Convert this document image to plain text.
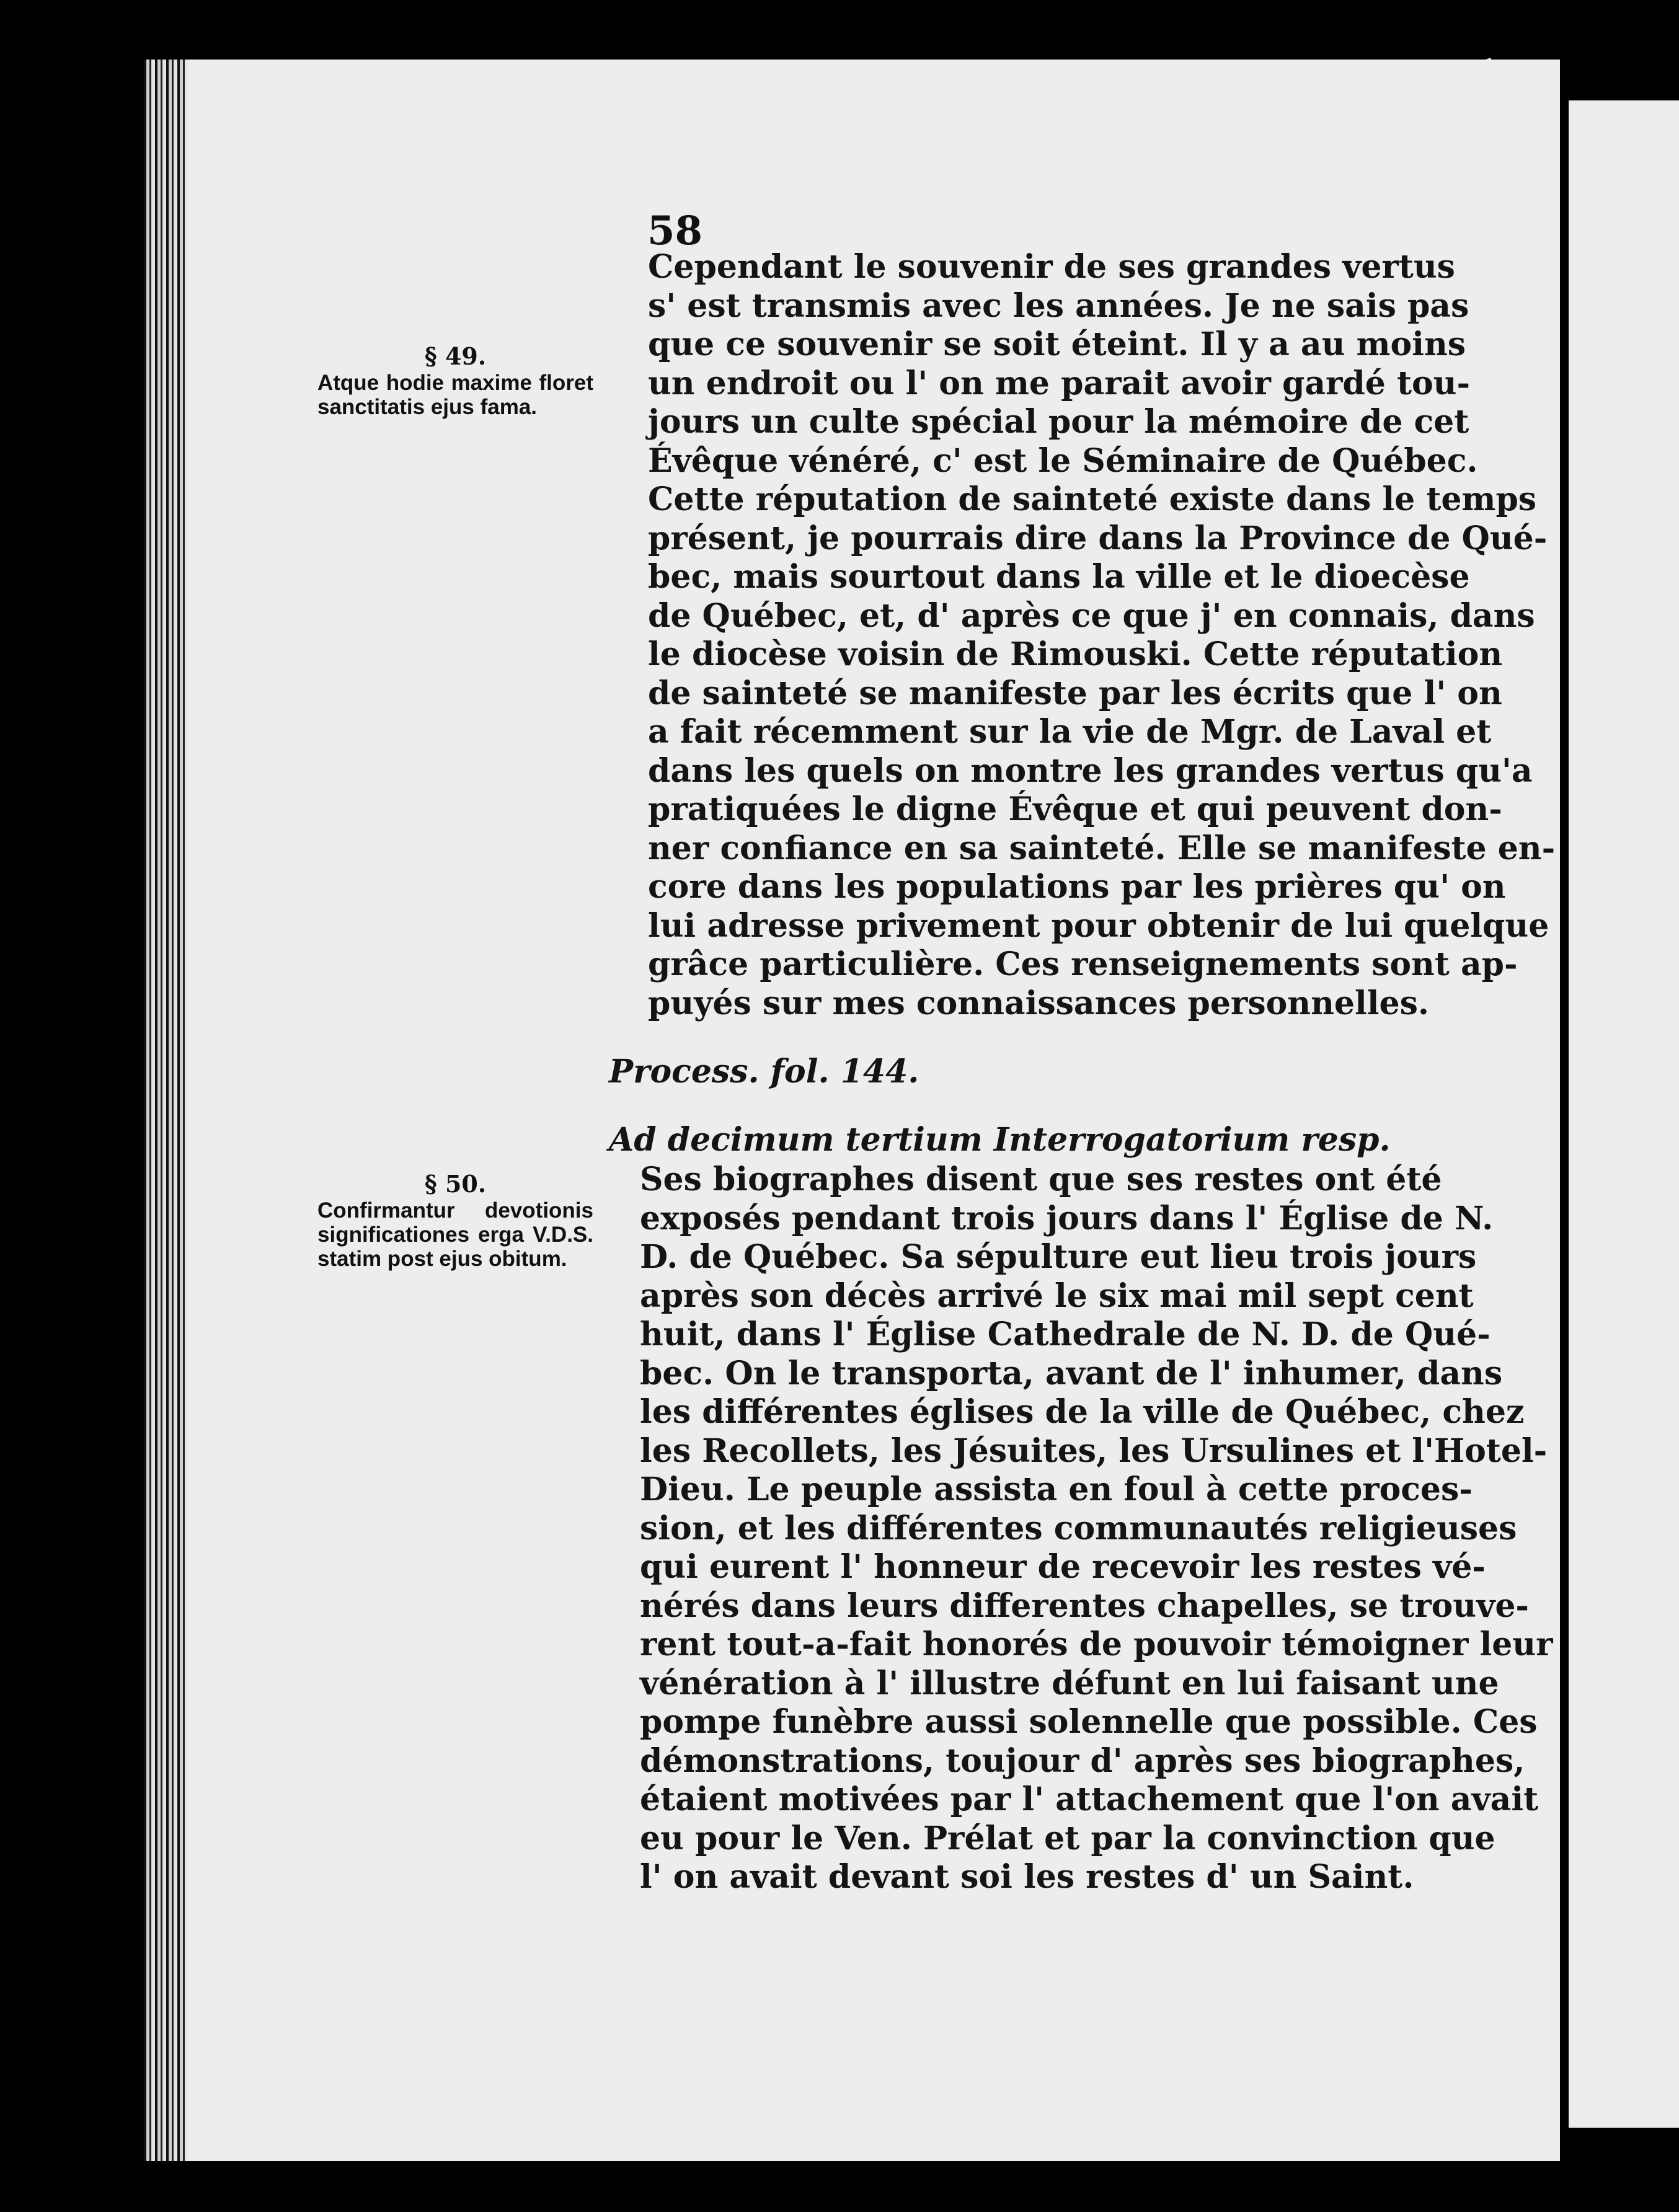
58
Cependant le souvenir de ses grandes vertus
s' est transmis avec les années. Je ne sais pas
que ce souvenir se soit éteint. Il y a au moins
un endroit ou l' on me parait avoir gardé tou-
jours un culte spécial pour la mémoire de cet
Évêque vénéré, c' est le Séminaire de Québec.
Cette réputation de sainteté existe dans le temps
présent, je pourrais dire dans la Province de Qué-
bec, mais sourtout dans la ville et le dioecèse
de Québec, et, d' après ce que j' en connais, dans
le diocèse voisin de Rimouski. Cette réputation
de sainteté se manifeste par les écrits que l' on
a fait récemment sur la vie de Mgr. de Laval et
dans les quels on montre les grandes vertus qu'a
pratiquées le digne Évêque et qui peuvent don-
ner confiance en sa sainteté. Elle se manifeste en-
core dans les populations par les prières qu' on
lui adresse privement pour obtenir de lui quelque
grâce particulière. Ces renseignements sont ap-
puyés sur mes connaissances personnelles.
Process. fol. 144.
Ad decimum tertium Interrogatorium resp.
Ses biographes disent que ses restes ont été
exposés pendant trois jours dans l' Église de N.
D. de Québec. Sa sépulture eut lieu trois jours
après son décès arrivé le six mai mil sept cent
huit, dans l' Église Cathedrale de N. D. de Qué-
bec. On le transporta, avant de l' inhumer, dans
les différentes églises de la ville de Québec, chez
les Recollets, les Jésuites, les Ursulines et l'Hotel-
Dieu. Le peuple assista en foul à cette proces-
sion, et les différentes communautés religieuses
qui eurent l' honneur de recevoir les restes vé-
nérés dans leurs differentes chapelles, se trouve-
rent tout-a-fait honorés de pouvoir témoigner leur
vénération à l' illustre défunt en lui faisant une
pompe funèbre aussi solennelle que possible. Ces
démonstrations, toujour d' après ses biographes,
étaient motivées par l' attachement que l'on avait
eu pour le Ven. Prélat et par la convinction que
l' on avait devant soi les restes d' un Saint.
§ 49.
Atque hodie maxime floret sanctitatis ejus fama.
§ 50.
Confirmantur devotionis significationes erga V.D.S. statim post ejus obitum.
